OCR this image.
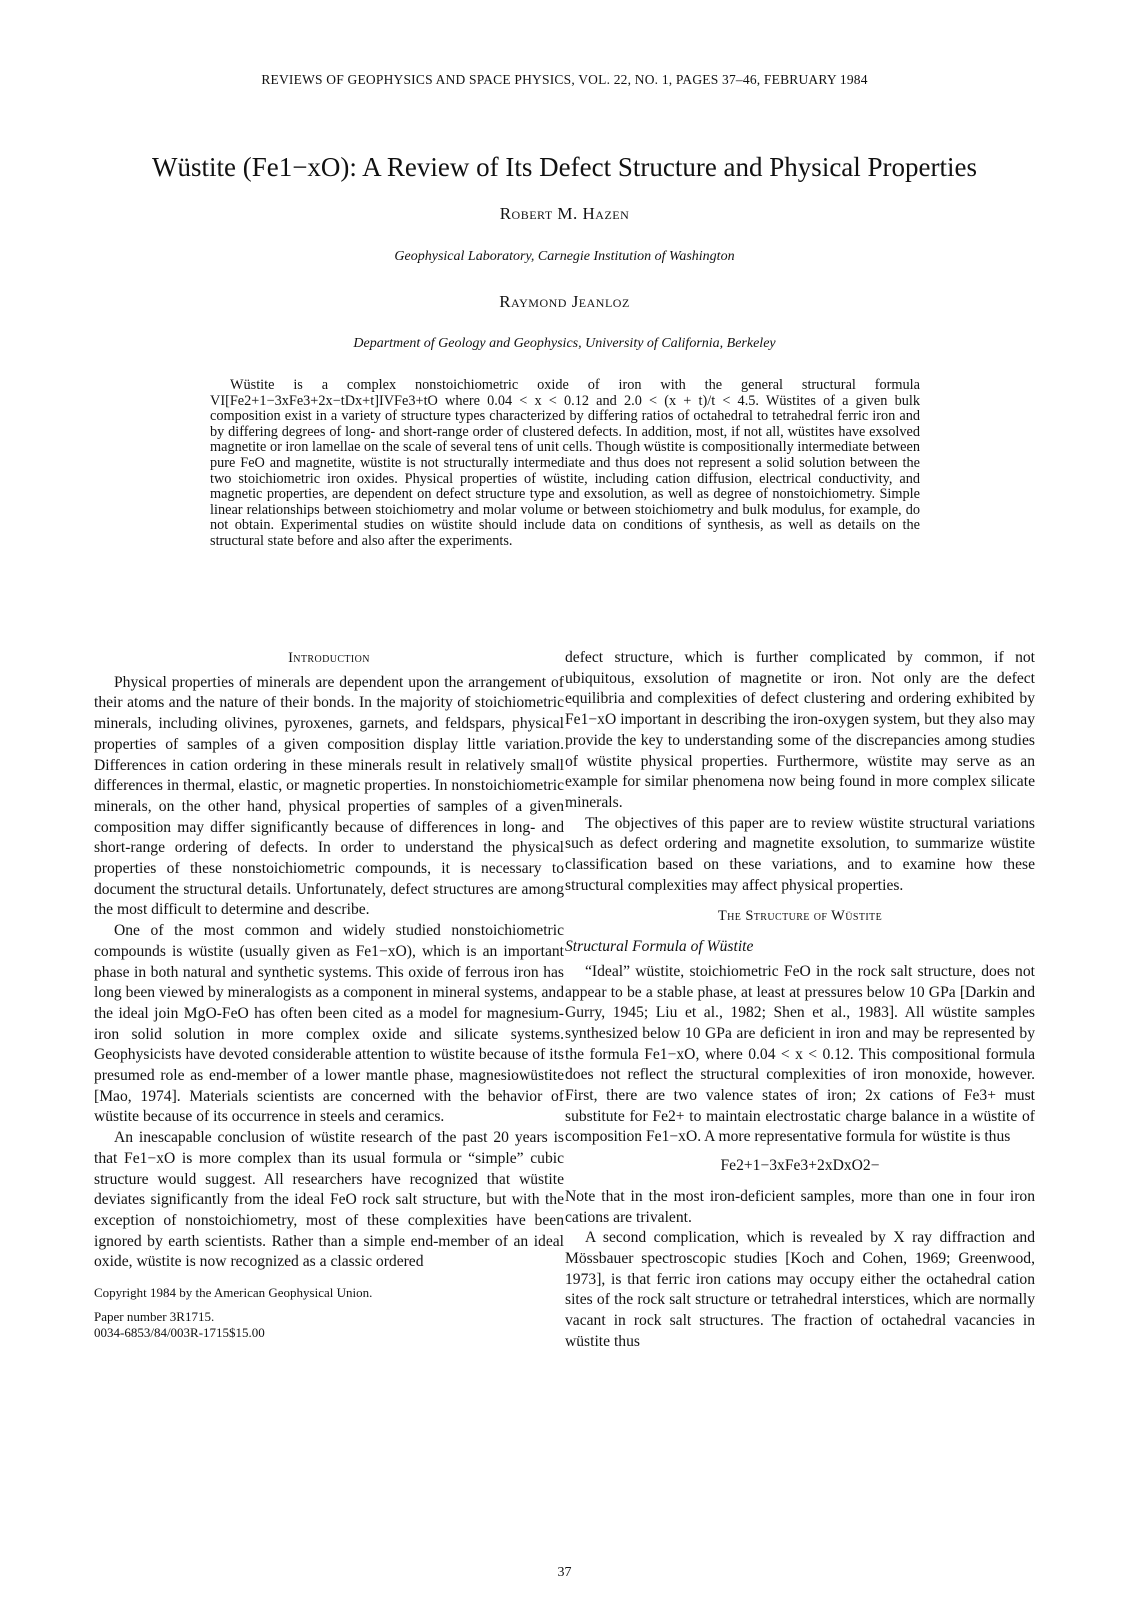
REVIEWS OF GEOPHYSICS AND SPACE PHYSICS, VOL. 22, NO. 1, PAGES 37–46, FEBRUARY 1984
Wüstite (Fe1−xO): A Review of Its Defect Structure and Physical Properties
Robert M. Hazen
Geophysical Laboratory, Carnegie Institution of Washington
Raymond Jeanloz
Department of Geology and Geophysics, University of California, Berkeley

Wüstite is a complex nonstoichiometric oxide of iron with the general structural formula VI[Fe2+1−3xFe3+2x−tDx+t]IVFe3+tO where 0.04 < x < 0.12 and 2.0 < (x + t)/t < 4.5. Wüstites of a given bulk composition exist in a variety of structure types characterized by differing ratios of octahedral to tetrahedral ferric iron and by differing degrees of long- and short-range order of clustered defects. In addition, most, if not all, wüstites have exsolved magnetite or iron lamellae on the scale of several tens of unit cells. Though wüstite is compositionally intermediate between pure FeO and magnetite, wüstite is not structurally intermediate and thus does not represent a solid solution between the two stoichiometric iron oxides. Physical properties of wüstite, including cation diffusion, electrical conductivity, and magnetic properties, are dependent on defect structure type and exsolution, as well as degree of nonstoichiometry. Simple linear relationships between stoichiometry and molar volume or between stoichiometry and bulk modulus, for example, do not obtain. Experimental studies on wüstite should include data on conditions of synthesis, as well as details on the structural state before and also after the experiments.

Introduction

Physical properties of minerals are dependent upon the arrangement of their atoms and the nature of their bonds. In the majority of stoichiometric minerals, including olivines, pyroxenes, garnets, and feldspars, physical properties of samples of a given composition display little variation. Differences in cation ordering in these minerals result in relatively small differences in thermal, elastic, or magnetic properties. In nonstoichiometric minerals, on the other hand, physical properties of samples of a given composition may differ significantly because of differences in long- and short-range ordering of defects. In order to understand the physical properties of these nonstoichiometric compounds, it is necessary to document the structural details. Unfortunately, defect structures are among the most difficult to determine and describe.

One of the most common and widely studied nonstoichiometric compounds is wüstite (usually given as Fe1−xO), which is an important phase in both natural and synthetic systems. This oxide of ferrous iron has long been viewed by mineralogists as a component in mineral systems, and the ideal join MgO-FeO has often been cited as a model for magnesium-iron solid solution in more complex oxide and silicate systems. Geophysicists have devoted considerable attention to wüstite because of its presumed role as end-member of a lower mantle phase, magnesiowüstite [Mao, 1974]. Materials scientists are concerned with the behavior of wüstite because of its occurrence in steels and ceramics.

An inescapable conclusion of wüstite research of the past 20 years is that Fe1−xO is more complex than its usual formula or “simple” cubic structure would suggest. All researchers have recognized that wüstite deviates significantly from the ideal FeO rock salt structure, but with the exception of nonstoichiometry, most of these complexities have been ignored by earth scientists. Rather than a simple end-member of an ideal oxide, wüstite is now recognized as a classic ordered

Copyright 1984 by the American Geophysical Union.
Paper number 3R1715.
0034-6853/84/003R-1715$15.00

defect structure, which is further complicated by common, if not ubiquitous, exsolution of magnetite or iron. Not only are the defect equilibria and complexities of defect clustering and ordering exhibited by Fe1−xO important in describing the iron-oxygen system, but they also may provide the key to understanding some of the discrepancies among studies of wüstite physical properties. Furthermore, wüstite may serve as an example for similar phenomena now being found in more complex silicate minerals.

The objectives of this paper are to review wüstite structural variations such as defect ordering and magnetite exsolution, to summarize wüstite classification based on these variations, and to examine how these structural complexities may affect physical properties.

The Structure of Wüstite
Structural Formula of Wüstite

“Ideal” wüstite, stoichiometric FeO in the rock salt structure, does not appear to be a stable phase, at least at pressures below 10 GPa [Darkin and Gurry, 1945; Liu et al., 1982; Shen et al., 1983]. All wüstite samples synthesized below 10 GPa are deficient in iron and may be represented by the formula Fe1−xO, where 0.04 < x < 0.12. This compositional formula does not reflect the structural complexities of iron monoxide, however. First, there are two valence states of iron; 2x cations of Fe3+ must substitute for Fe2+ to maintain electrostatic charge balance in a wüstite of composition Fe1−xO. A more representative formula for wüstite is thus

Fe2+1−3xFe3+2xDxO2−

Note that in the most iron-deficient samples, more than one in four iron cations are trivalent.

A second complication, which is revealed by X ray diffraction and Mössbauer spectroscopic studies [Koch and Cohen, 1969; Greenwood, 1973], is that ferric iron cations may occupy either the octahedral cation sites of the rock salt structure or tetrahedral interstices, which are normally vacant in rock salt structures. The fraction of octahedral vacancies in wüstite thus

37
